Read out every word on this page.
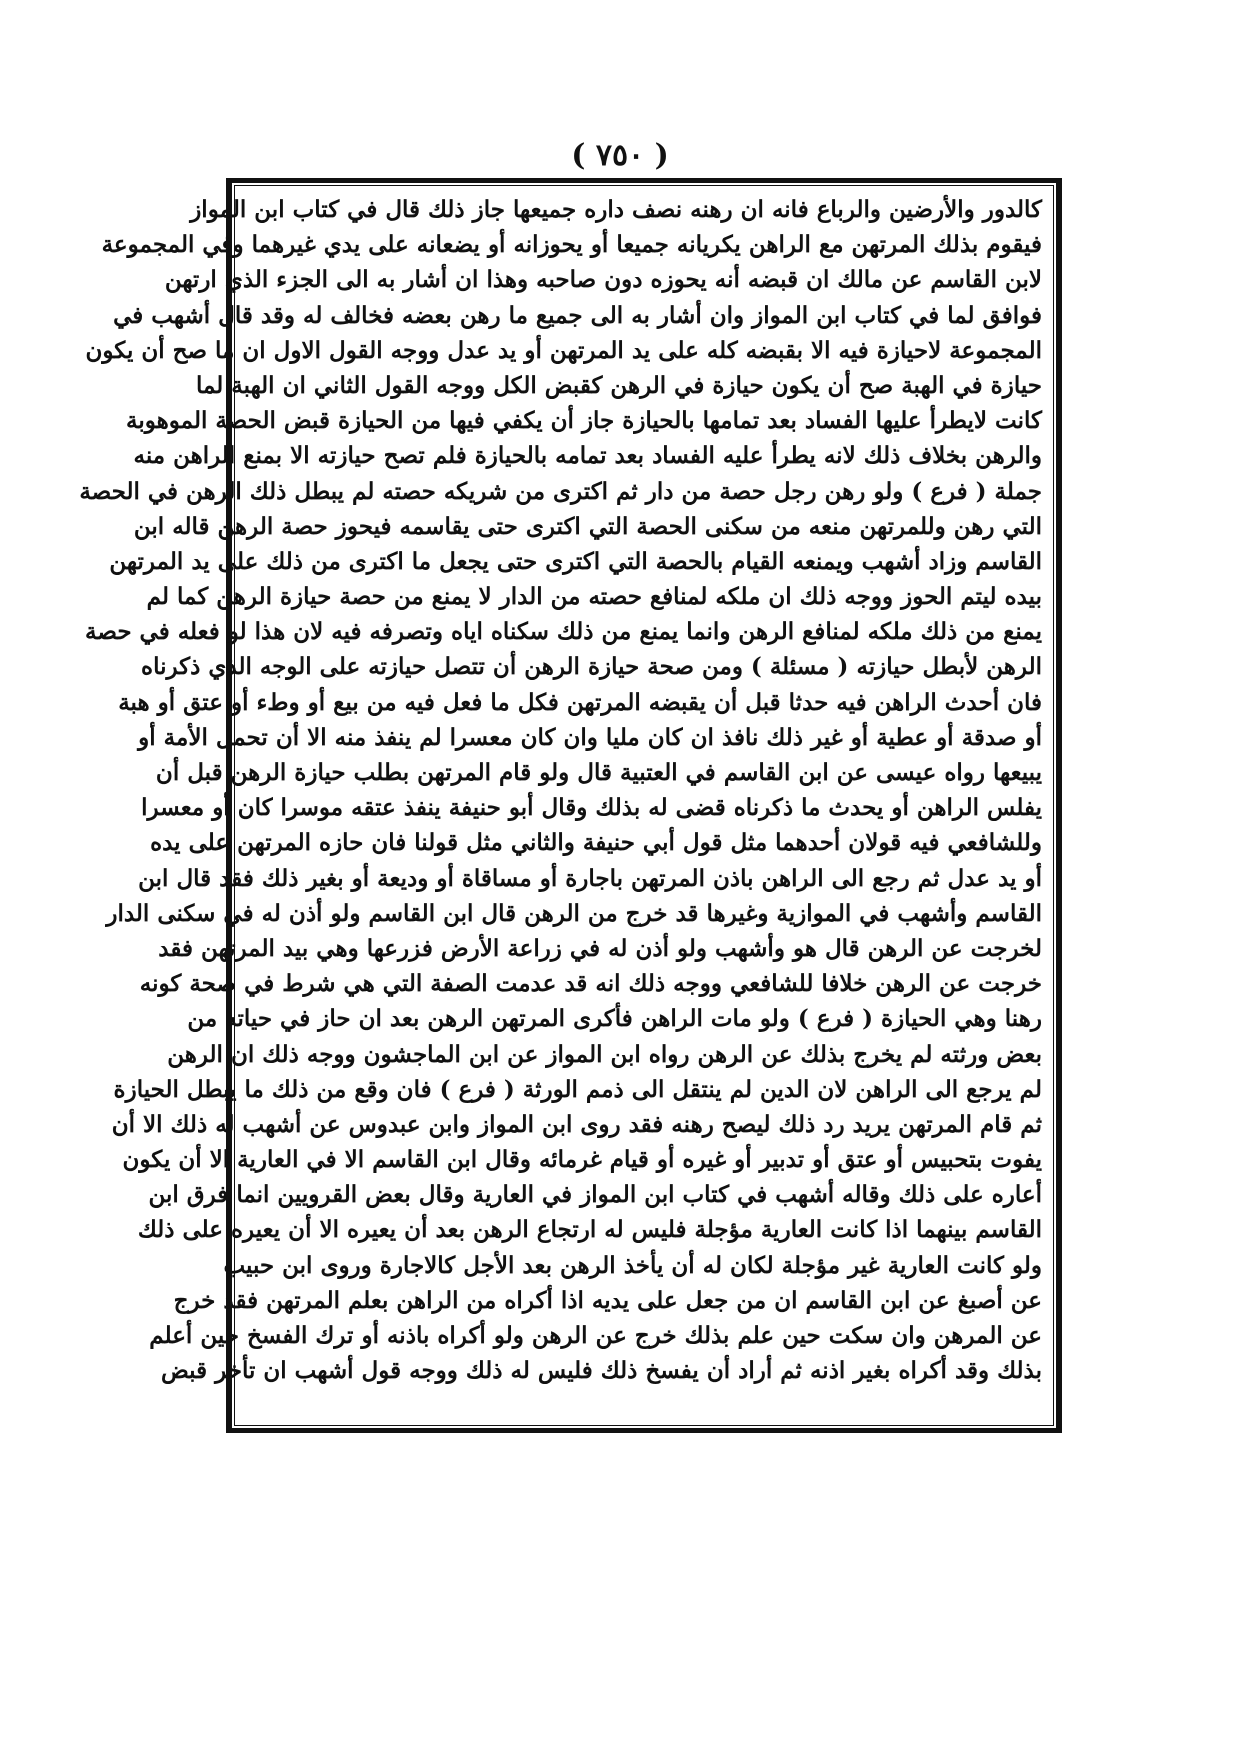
( ٧٥٠ )
كالدور والأرضين والرباع فانه ان رهنه نصف داره جميعها جاز ذلك قال في كتاب ابن المواز
فيقوم بذلك المرتهن مع الراهن يكريانه جميعا أو يحوزانه أو يضعانه على يدي غيرهما وفي المجموعة
لابن القاسم عن مالك ان قبضه أنه يحوزه دون صاحبه وهذا ان أشار به الى الجزء الذي ارتهن
فوافق لما في كتاب ابن المواز وان أشار به الى جميع ما رهن بعضه فخالف له وقد قال أشهب في
المجموعة لاحيازة فيه الا بقبضه كله على يد المرتهن أو يد عدل ووجه القول الاول ان ما صح أن يكون
حيازة في الهبة صح أن يكون حيازة في الرهن كقبض الكل ووجه القول الثاني ان الهبة لما
كانت لايطرأ عليها الفساد بعد تمامها بالحيازة جاز أن يكفي فيها من الحيازة قبض الحصة الموهوبة
والرهن بخلاف ذلك لانه يطرأ عليه الفساد بعد تمامه بالحيازة فلم تصح حيازته الا بمنع الراهن منه
جملة ( فرع ) ولو رهن رجل حصة من دار ثم اكترى من شريكه حصته لم يبطل ذلك الرهن في الحصة
التي رهن وللمرتهن منعه من سكنى الحصة التي اكترى حتى يقاسمه فيحوز حصة الرهن قاله ابن
القاسم وزاد أشهب ويمنعه القيام بالحصة التي اكترى حتى يجعل ما اكترى من ذلك على يد المرتهن
بيده ليتم الحوز ووجه ذلك ان ملكه لمنافع حصته من الدار لا يمنع من حصة حيازة الرهن كما لم
يمنع من ذلك ملكه لمنافع الرهن وانما يمنع من ذلك سكناه اياه وتصرفه فيه لان هذا لو فعله في حصة
الرهن لأبطل حيازته ( مسئلة ) ومن صحة حيازة الرهن أن تتصل حيازته على الوجه الذي ذكرناه
فان أحدث الراهن فيه حدثا قبل أن يقبضه المرتهن فكل ما فعل فيه من بيع أو وطء أو عتق أو هبة
أو صدقة أو عطية أو غير ذلك نافذ ان كان مليا وان كان معسرا لم ينفذ منه الا أن تحمل الأمة أو
يبيعها رواه عيسى عن ابن القاسم في العتبية قال ولو قام المرتهن بطلب حيازة الرهن قبل أن
يفلس الراهن أو يحدث ما ذكرناه قضى له بذلك وقال أبو حنيفة ينفذ عتقه موسرا كان أو معسرا
وللشافعي فيه قولان أحدهما مثل قول أبي حنيفة والثاني مثل قولنا فان حازه المرتهن على يده
أو يد عدل ثم رجع الى الراهن باذن المرتهن باجارة أو مساقاة أو وديعة أو بغير ذلك فقد قال ابن
القاسم وأشهب في الموازية وغيرها قد خرج من الرهن قال ابن القاسم ولو أذن له في سكنى الدار
لخرجت عن الرهن قال هو وأشهب ولو أذن له في زراعة الأرض فزرعها وهي بيد المرتهن فقد
خرجت عن الرهن خلافا للشافعي ووجه ذلك انه قد عدمت الصفة التي هي شرط في صحة كونه
رهنا وهي الحيازة ( فرع ) ولو مات الراهن فأكرى المرتهن الرهن بعد ان حاز في حياته من
بعض ورثته لم يخرج بذلك عن الرهن رواه ابن المواز عن ابن الماجشون ووجه ذلك ان الرهن
لم يرجع الى الراهن لان الدين لم ينتقل الى ذمم الورثة ( فرع ) فان وقع من ذلك ما يبطل الحيازة
ثم قام المرتهن يريد رد ذلك ليصح رهنه فقد روى ابن المواز وابن عبدوس عن أشهب له ذلك الا أن
يفوت بتحبيس أو عتق أو تدبير أو غيره أو قيام غرمائه وقال ابن القاسم الا في العارية الا أن يكون
أعاره على ذلك وقاله أشهب في كتاب ابن المواز في العارية وقال بعض القرويين انما فرق ابن
القاسم بينهما اذا كانت العارية مؤجلة فليس له ارتجاع الرهن بعد أن يعيره الا أن يعيره على ذلك
ولو كانت العارية غير مؤجلة لكان له أن يأخذ الرهن بعد الأجل كالاجارة وروى ابن حبيب
عن أصبغ عن ابن القاسم ان من جعل على يديه اذا أكراه من الراهن بعلم المرتهن فقد خرج
عن المرهن وان سكت حين علم بذلك خرج عن الرهن ولو أكراه باذنه أو ترك الفسخ حين أعلم
بذلك وقد أكراه بغير اذنه ثم أراد أن يفسخ ذلك فليس له ذلك ووجه قول أشهب ان تأخر قبض
